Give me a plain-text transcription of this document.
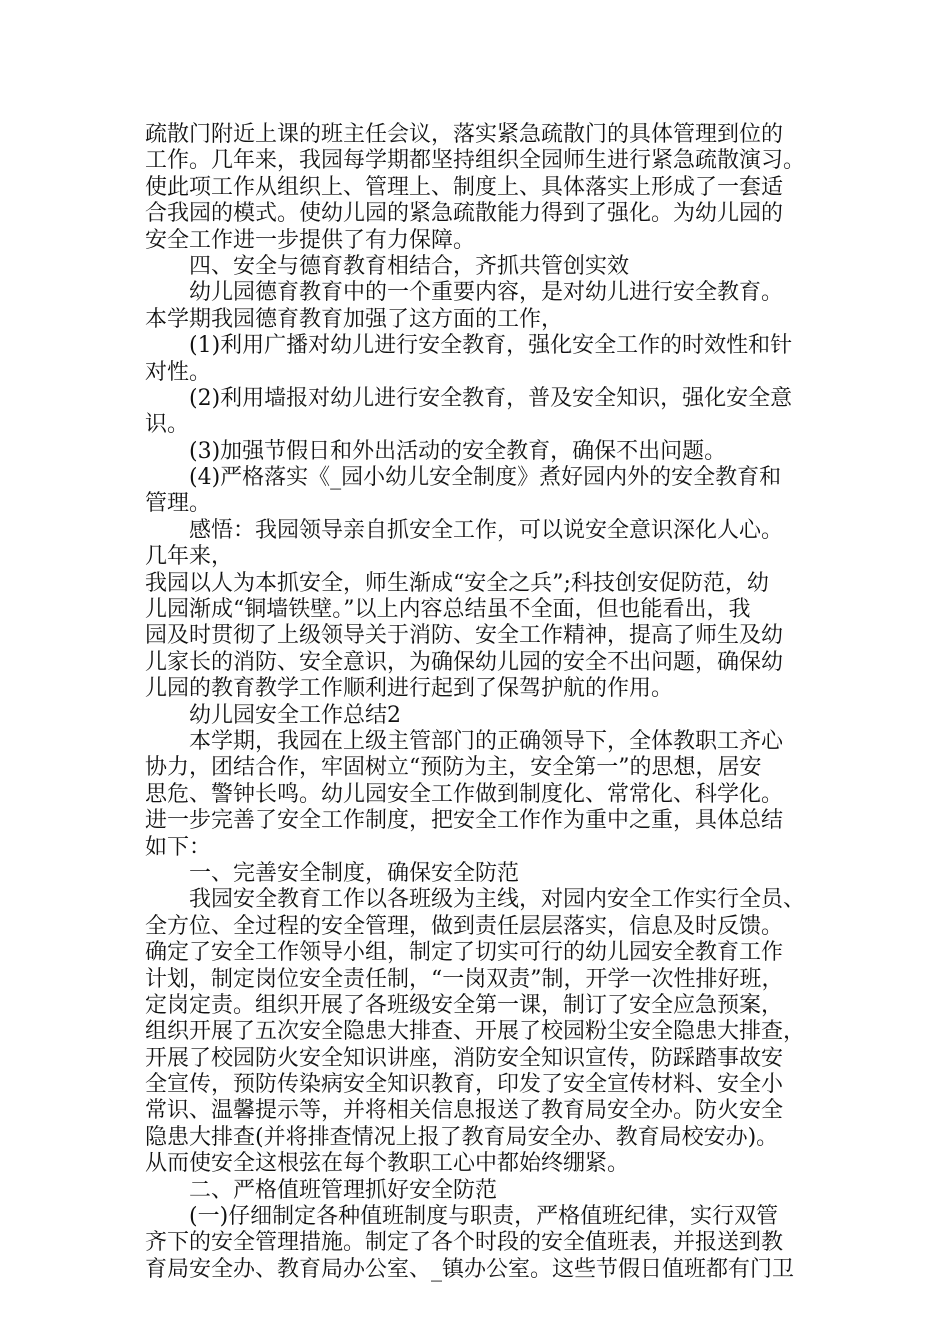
疏散门附近上课的班主任会议，落实紧急疏散门的具体管理到位的
工作。几年来，我园每学期都坚持组织全园师生进行紧急疏散演习。
使此项工作从组织上、管理上、制度上、具体落实上形成了一套适
合我园的模式。使幼儿园的紧急疏散能力得到了强化。为幼儿园的
安全工作进一步提供了有力保障。
四、安全与德育教育相结合，齐抓共管创实效
幼儿园德育教育中的一个重要内容，是对幼儿进行安全教育。
本学期我园德育教育加强了这方面的工作，
(1)利用广播对幼儿进行安全教育，强化安全工作的时效性和针
对性。
(2)利用墙报对幼儿进行安全教育，普及安全知识，强化安全意
识。
(3)加强节假日和外出活动的安全教育，确保不出问题。
(4)严格落实《_园小幼儿安全制度》煮好园内外的安全教育和
管理。
感悟：我园领导亲自抓安全工作，可以说安全意识深化人心。
几年来，
我园以人为本抓安全，师生渐成“安全之兵”;科技创安促防范，幼
儿园渐成“铜墙铁壁。”以上内容总结虽不全面，但也能看出，我
园及时贯彻了上级领导关于消防、安全工作精神，提高了师生及幼
儿家长的消防、安全意识，为确保幼儿园的安全不出问题，确保幼
儿园的教育教学工作顺利进行起到了保驾护航的作用。
幼儿园安全工作总结2
本学期，我园在上级主管部门的正确领导下，全体教职工齐心
协力，团结合作，牢固树立“预防为主，安全第一”的思想，居安
思危、警钟长鸣。幼儿园安全工作做到制度化、常常化、科学化。
进一步完善了安全工作制度，把安全工作作为重中之重，具体总结
如下：
一、完善安全制度，确保安全防范
我园安全教育工作以各班级为主线，对园内安全工作实行全员、
全方位、全过程的安全管理，做到责任层层落实，信息及时反馈。
确定了安全工作领导小组，制定了切实可行的幼儿园安全教育工作
计划，制定岗位安全责任制，“一岗双责”制，开学一次性排好班，
定岗定责。组织开展了各班级安全第一课，制订了安全应急预案，
组织开展了五次安全隐患大排查、开展了校园粉尘安全隐患大排查，
开展了校园防火安全知识讲座，消防安全知识宣传，防踩踏事故安
全宣传，预防传染病安全知识教育，印发了安全宣传材料、安全小
常识、温馨提示等，并将相关信息报送了教育局安全办。防火安全
隐患大排查(并将排查情况上报了教育局安全办、教育局校安办)。
从而使安全这根弦在每个教职工心中都始终绷紧。
二、严格值班管理抓好安全防范
(一)仔细制定各种值班制度与职责，严格值班纪律，实行双管
齐下的安全管理措施。制定了各个时段的安全值班表，并报送到教
育局安全办、教育局办公室、_镇办公室。这些节假日值班都有门卫
